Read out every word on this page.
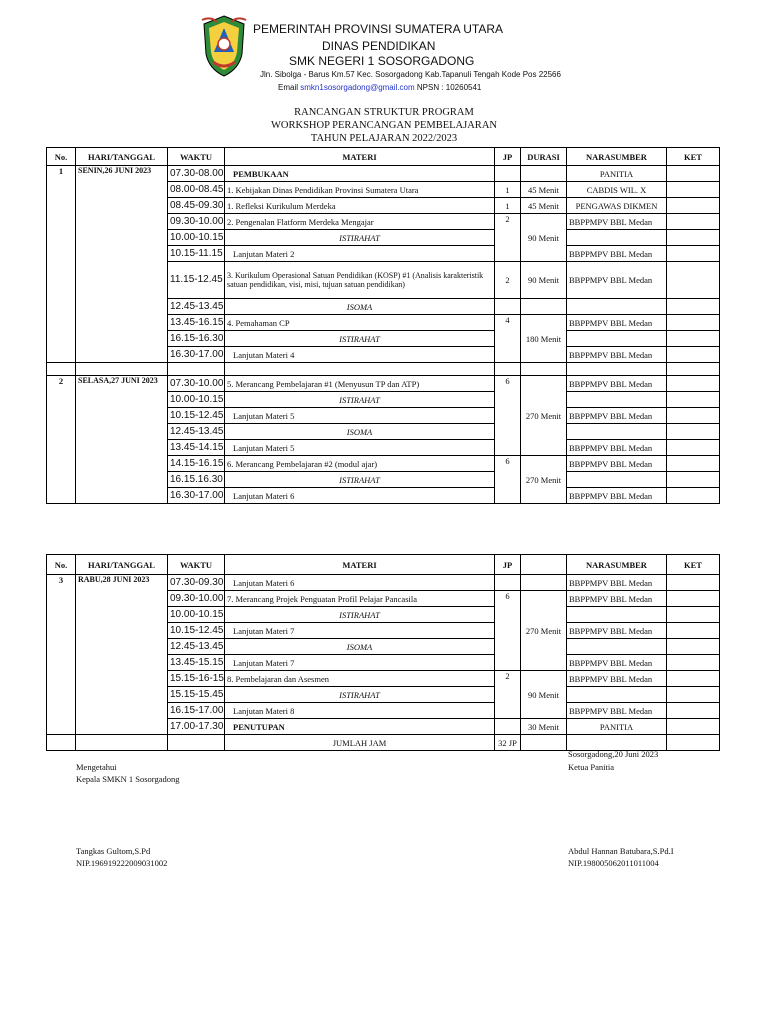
PEMERINTAH PROVINSI SUMATERA UTARA
DINAS PENDIDIKAN
SMK NEGERI 1 SOSORGADONG
Jln. Sibolga - Barus Km.57 Kec. Sosorgadong Kab.Tapanuli Tengah Kode Pos 22566
Email smkn1sosorgadong@gmail.com NPSN : 10260541
RANCANGAN STRUKTUR PROGRAM
WORKSHOP PERANCANGAN PEMBELAJARAN
TAHUN PELAJARAN 2022/2023
No.	HARI/TANGGAL	WAKTU	MATERI	JP	DURASI	NARASUMBER	KET
1	SENIN,26 JUNI 2023	07.30-08.00	PEMBUKAAN			PANITIA	
		08.00-08.45	1. Kebijakan Dinas Pendidikan Provinsi Sumatera Utara	1	45 Menit	CABDIS WIL. X	
		08.45-09.30	1. Refleksi Kurikulum Merdeka	1	45 Menit	PENGAWAS DIKMEN	
		09.30-10.00	2. Pengenalan Flatform Merdeka Mengajar	2	90 Menit	BBPPMPV BBL Medan	
		10.00-10.15	ISTIRAHAT				
		10.15-11.15	Lanjutan Materi 2			BBPPMPV BBL Medan	
		11.15-12.45	3. Kurikulum Operasional Satuan Pendidikan (KOSP) #1 (Analisis karakteristik satuan pendidikan, visi, misi, tujuan satuan pendidikan)	2	90 Menit	BBPPMPV BBL Medan	
		12.45-13.45	ISOMA				
		13.45-16.15	4. Pemahaman CP	4	180 Menit	BBPPMPV BBL Medan	
		16.15-16.30	ISTIRAHAT				
		16.30-17.00	Lanjutan Materi 4			BBPPMPV BBL Medan	

2	SELASA,27 JUNI 2023	07.30-10.00	5. Merancang Pembelajaran #1 (Menyusun TP dan ATP)	6	270 Menit	BBPPMPV BBL Medan	
		10.00-10.15	ISTIRAHAT				
		10.15-12.45	Lanjutan Materi 5			BBPPMPV BBL Medan	
		12.45-13.45	ISOMA				
		13.45-14.15	Lanjutan Materi 5			BBPPMPV BBL Medan	
		14.15-16.15	6. Merancang Pembelajaran #2 (modul ajar)	6	270 Menit	BBPPMPV BBL Medan	
		16.15.16.30	ISTIRAHAT				
		16.30-17.00	Lanjutan Materi 6			BBPPMPV BBL Medan	
No.	HARI/TANGGAL	WAKTU	MATERI	JP		NARASUMBER	KET
3	RABU,28 JUNI 2023	07.30-09.30	Lanjutan Materi 6			BBPPMPV BBL Medan	
		09.30-10.00	7. Merancang Projek Penguatan Profil Pelajar Pancasila	6	270 Menit	BBPPMPV BBL Medan	
		10.00-10.15	ISTIRAHAT				
		10.15-12.45	Lanjutan Materi 7			BBPPMPV BBL Medan	
		12.45-13.45	ISOMA				
		13.45-15.15	Lanjutan Materi 7			BBPPMPV BBL Medan	
		15.15-16-15	8. Pembelajaran dan Asesmen	2	90 Menit	BBPPMPV BBL Medan	
		15.15-15.45	ISTIRAHAT				
		16.15-17.00	Lanjutan Materi 8			BBPPMPV BBL Medan	
		17.00-17.30	PENUTUPAN		30 Menit	PANITIA	
			JUMLAH JAM	32 JP			
Mengetahui
Kepala SMKN 1 Sosorgadong
Tangkas Gultom,S.Pd
NIP.196919222009031002
Sosorgadong,20 Juni 2023
Ketua Panitia
Abdul Hannan Batubara,S.Pd.I
NIP.198005062011011004
